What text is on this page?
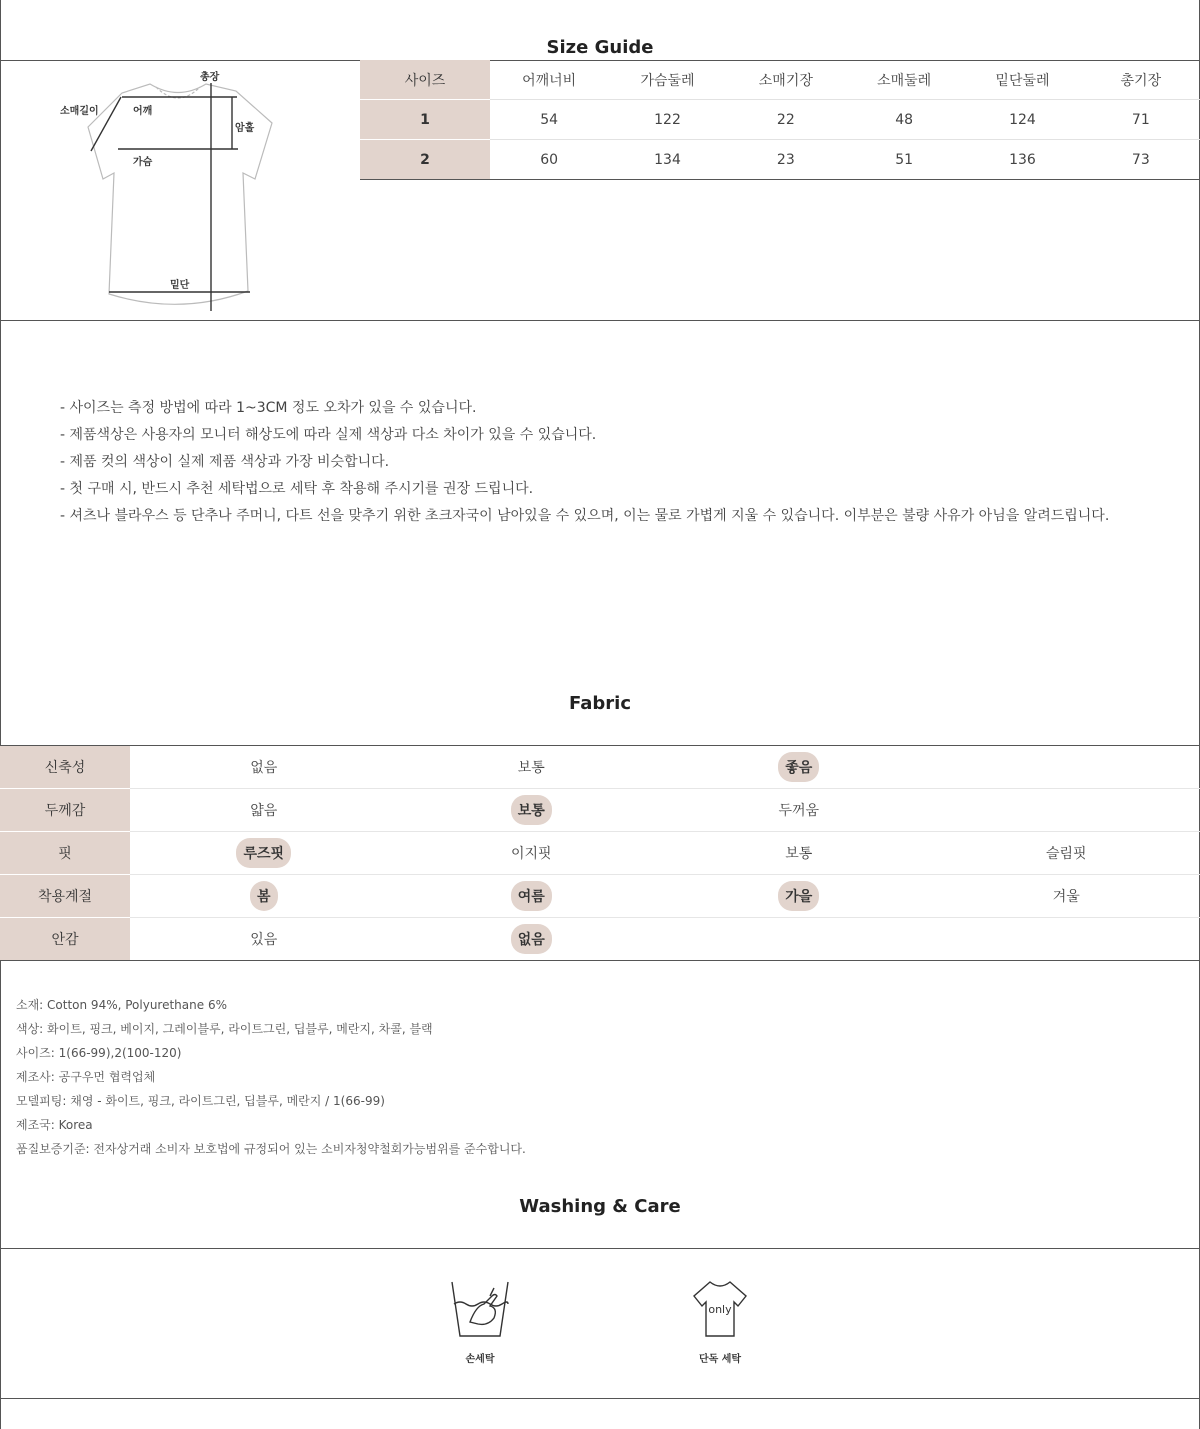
Size Guide
총장
소매길이	어깨
암홀
가슴
밑단
사이즈	어깨너비	가슴둘레	소매기장	소매둘레	밑단둘레	총기장
1	54	122	22	48	124	71
2	60	134	23	51	136	73
- 사이즈는 측정 방법에 따라 1~3CM 정도 오차가 있을 수 있습니다.
- 제품색상은 사용자의 모니터 해상도에 따라 실제 색상과 다소 차이가 있을 수 있습니다.
- 제품 컷의 색상이 실제 제품 색상과 가장 비슷합니다.
- 첫 구매 시, 반드시 추천 세탁법으로 세탁 후 착용해 주시기를 권장 드립니다.
- 셔츠나 블라우스 등 단추나 주머니, 다트 선을 맞추기 위한 초크자국이 남아있을 수 있으며, 이는 물로 가볍게 지울 수 있습니다. 이부분은 불량 사유가 아님을 알려드립니다.
Fabric
신축성	없음	보통	좋음	
두께감	얇음	보통	두꺼움	
핏	루즈핏	이지핏	보통	슬림핏
착용계절	봄	여름	가을	겨울
안감	있음	없음		
소재: Cotton 94%, Polyurethane 6%
색상: 화이트, 핑크, 베이지, 그레이블루, 라이트그린, 딥블루, 메란지, 차콜, 블랙
사이즈: 1(66-99),2(100-120)
제조사: 공구우먼 협력업체
모델피팅: 채영 - 화이트, 핑크, 라이트그린, 딥블루, 메란지 / 1(66-99)
제조국: Korea
품질보증기준: 전자상거래 소비자 보호법에 규정되어 있는 소비자청약철회가능범위를 준수합니다.
Washing & Care
손세탁
only
단독 세탁
